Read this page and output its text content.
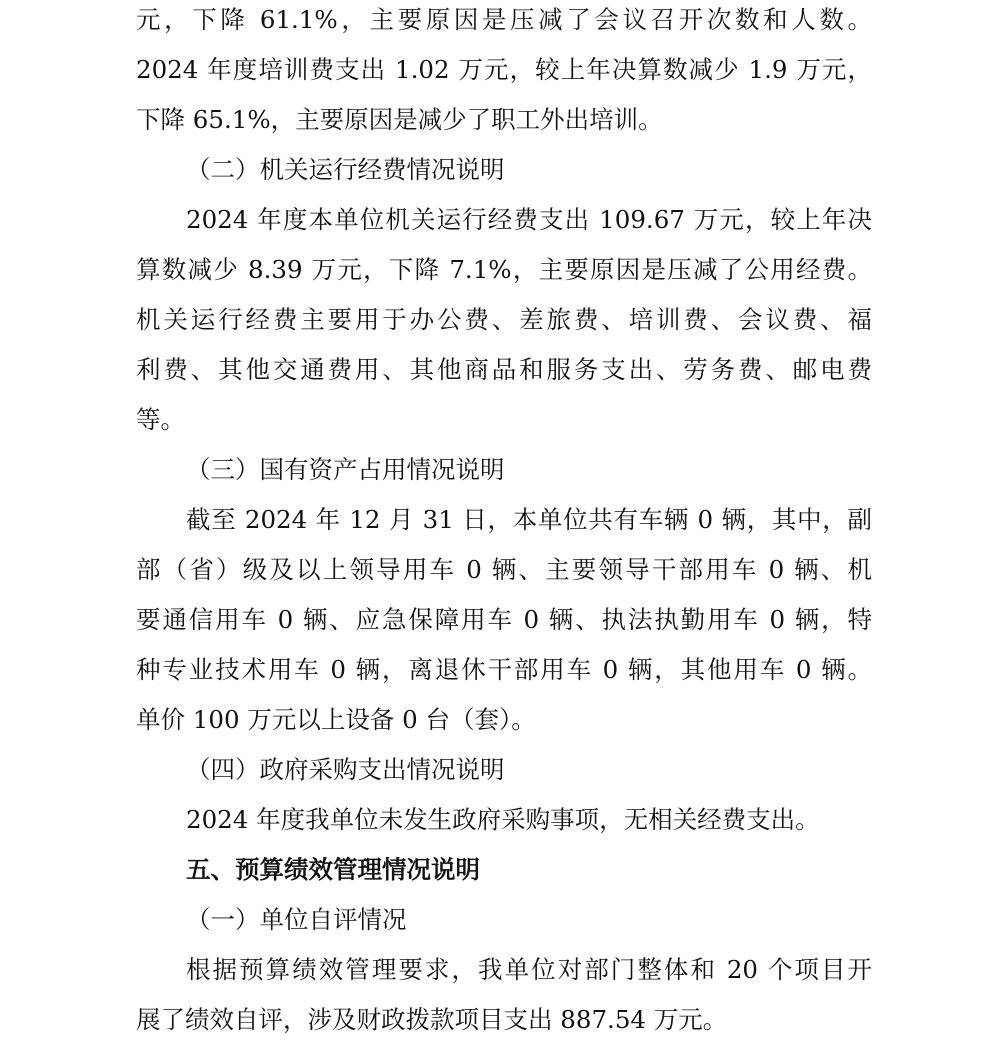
元，下降 61.1%，主要原因是压减了会议召开次数和人数。

2024 年度培训费支出 1.02 万元，较上年决算数减少 1.9 万元，

下降 65.1%，主要原因是减少了职工外出培训。

（二）机关运行经费情况说明

2024 年度本单位机关运行经费支出 109.67 万元，较上年决

算数减少 8.39 万元，下降 7.1%，主要原因是压减了公用经费。

机关运行经费主要用于办公费、差旅费、培训费、会议费、福

利费、其他交通费用、其他商品和服务支出、劳务费、邮电费

等。

（三）国有资产占用情况说明

截至 2024 年 12 月 31 日，本单位共有车辆 0 辆，其中，副

部（省）级及以上领导用车 0 辆、主要领导干部用车 0 辆、机

要通信用车 0 辆、应急保障用车 0 辆、执法执勤用车 0 辆，特

种专业技术用车 0 辆，离退休干部用车 0 辆，其他用车 0 辆。

单价 100 万元以上设备 0 台（套）。

（四）政府采购支出情况说明

2024 年度我单位未发生政府采购事项，无相关经费支出。

五、预算绩效管理情况说明

（一）单位自评情况

根据预算绩效管理要求，我单位对部门整体和 20 个项目开

展了绩效自评，涉及财政拨款项目支出 887.54 万元。
